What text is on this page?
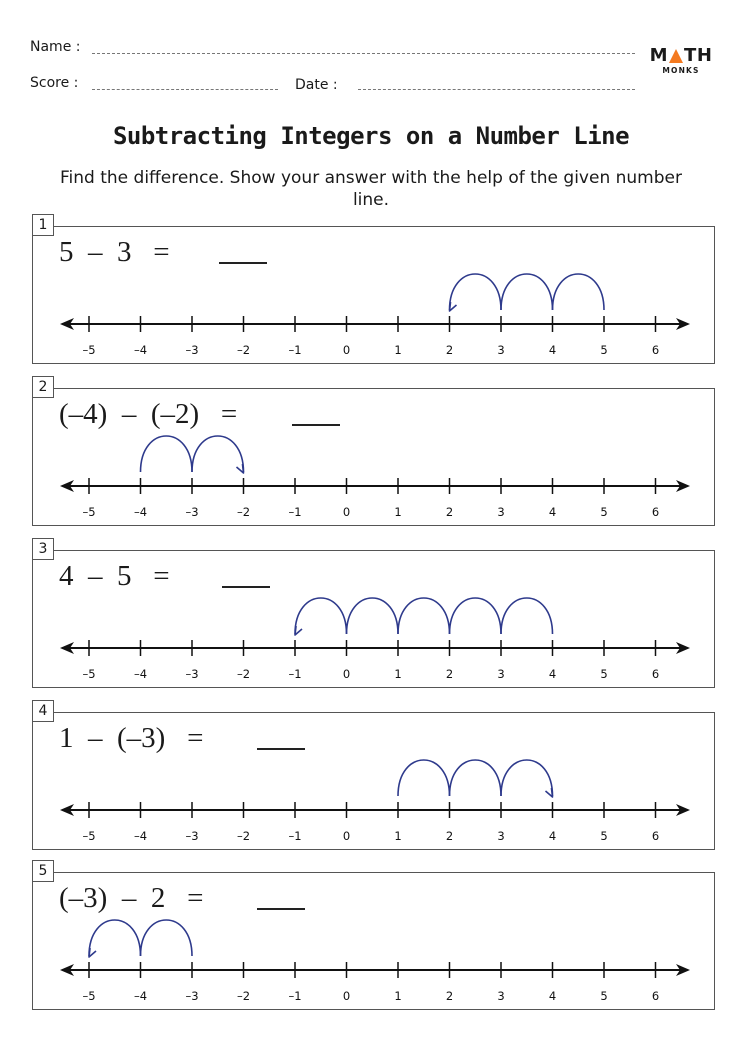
Name :
Score :	Date :
M TH
MONKS
Subtracting Integers on a Number Line
Find the difference. Show your answer with the help of the given number line.
1
5  –  3   =
–5	–4	–3	–2	–1	0	1	2	3	4	5	6
2
(–4)  –  (–2)   =
–5	–4	–3	–2	–1	0	1	2	3	4	5	6
3
4  –  5   =
–5	–4	–3	–2	–1	0	1	2	3	4	5	6
4
1  –  (–3)   =
–5	–4	–3	–2	–1	0	1	2	3	4	5	6
5
(–3)  –  2   =
–5	–4	–3	–2	–1	0	1	2	3	4	5	6
